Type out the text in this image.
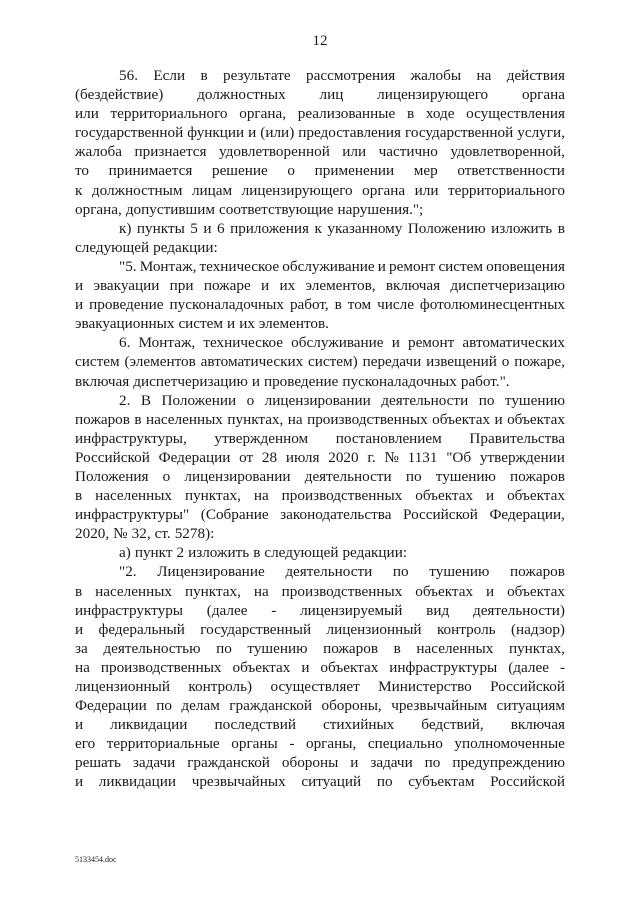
12
56. Если в результате рассмотрения жалобы на действия
(бездействие) должностных лиц лицензирующего органа
или территориального органа, реализованные в ходе осуществления
государственной функции и (или) предоставления государственной услуги,
жалоба признается удовлетворенной или частично удовлетворенной,
то принимается решение о применении мер ответственности
к должностным лицам лицензирующего органа или территориального
органа, допустившим соответствующие нарушения.";
к) пункты 5 и 6 приложения к указанному Положению изложить в
следующей редакции:
"5. Монтаж, техническое обслуживание и ремонт систем оповещения
и эвакуации при пожаре и их элементов, включая диспетчеризацию
и проведение пусконаладочных работ, в том числе фотолюминесцентных
эвакуационных систем и их элементов.
6. Монтаж, техническое обслуживание и ремонт автоматических
систем (элементов автоматических систем) передачи извещений о пожаре,
включая диспетчеризацию и проведение пусконаладочных работ.".
2. В Положении о лицензировании деятельности по тушению
пожаров в населенных пунктах, на производственных объектах и объектах
инфраструктуры, утвержденном постановлением Правительства
Российской Федерации от 28 июля 2020 г. № 1131 "Об утверждении
Положения о лицензировании деятельности по тушению пожаров
в населенных пунктах, на производственных объектах и объектах
инфраструктуры" (Собрание законодательства Российской Федерации,
2020, № 32, ст. 5278):
а) пункт 2 изложить в следующей редакции:
"2. Лицензирование деятельности по тушению пожаров
в населенных пунктах, на производственных объектах и объектах
инфраструктуры (далее - лицензируемый вид деятельности)
и федеральный государственный лицензионный контроль (надзор)
за деятельностью по тушению пожаров в населенных пунктах,
на производственных объектах и объектах инфраструктуры (далее -
лицензионный контроль) осуществляет Министерство Российской
Федерации по делам гражданской обороны, чрезвычайным ситуациям
и ликвидации последствий стихийных бедствий, включая
его территориальные органы - органы, специально уполномоченные
решать задачи гражданской обороны и задачи по предупреждению
и ликвидации чрезвычайных ситуаций по субъектам Российской
5133454.doc
